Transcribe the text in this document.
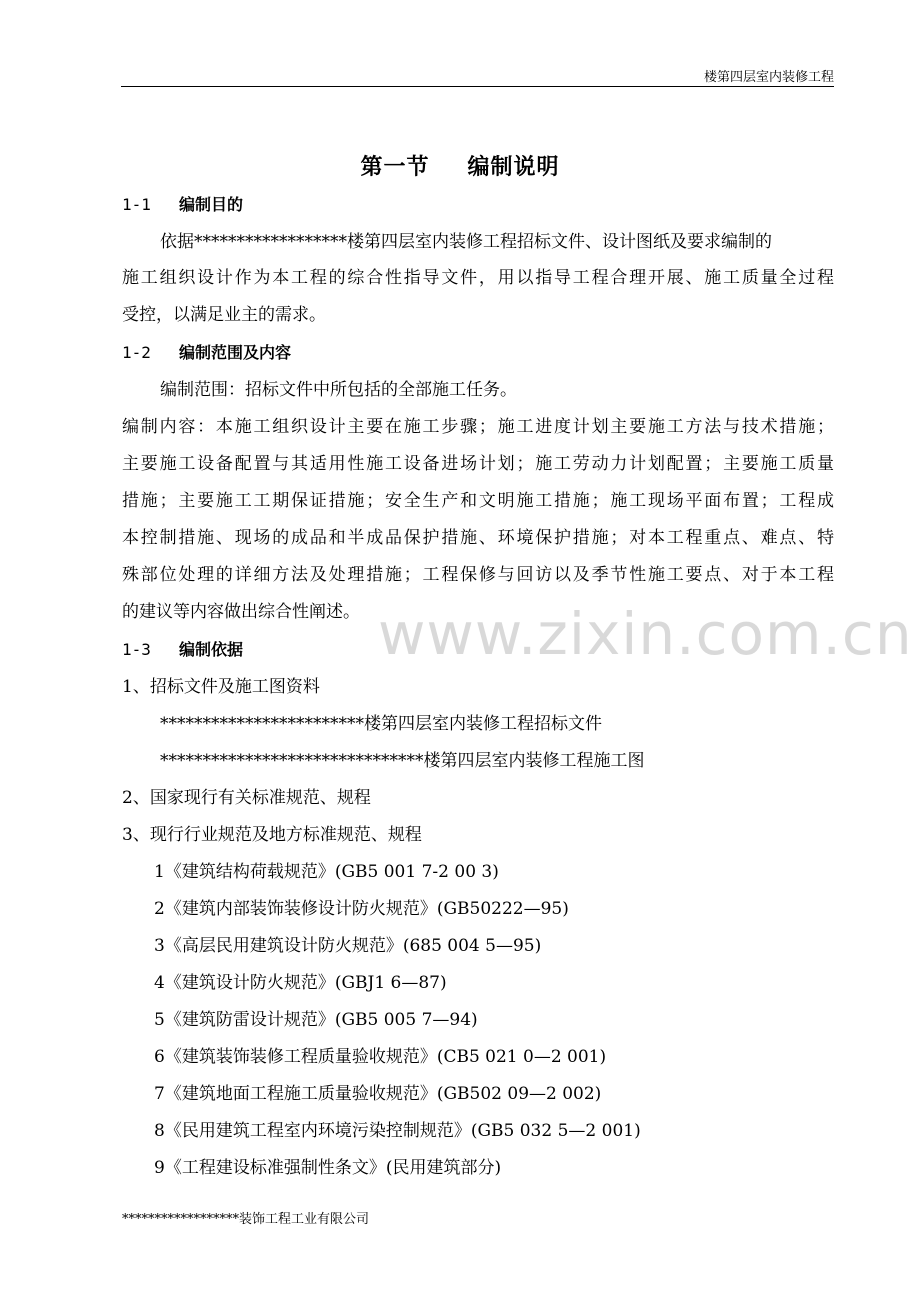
楼第四层室内装修工程
第一节 编制说明
www.zixin.com.cn
1-1 编制目的
依据******************楼第四层室内装修工程招标文件、设计图纸及要求编制的
施工组织设计作为本工程的综合性指导文件，用以指导工程合理开展、施工质量全过程
受控，以满足业主的需求。
1-2 编制范围及内容
编制范围：招标文件中所包括的全部施工任务。
编制内容：本施工组织设计主要在施工步骤；施工进度计划主要施工方法与技术措施；
主要施工设备配置与其适用性施工设备进场计划；施工劳动力计划配置；主要施工质量
措施；主要施工工期保证措施；安全生产和文明施工措施；施工现场平面布置；工程成
本控制措施、现场的成品和半成品保护措施、环境保护措施；对本工程重点、难点、特
殊部位处理的详细方法及处理措施；工程保修与回访以及季节性施工要点、对于本工程
的建议等内容做出综合性阐述。
1-3 编制依据
1、招标文件及施工图资料
************************楼第四层室内装修工程招标文件
*******************************楼第四层室内装修工程施工图
2、国家现行有关标准规范、规程
3、现行行业规范及地方标准规范、规程
1《建筑结构荷载规范》(GB5 001 7-2 00 3)
2《建筑内部装饰装修设计防火规范》(GB50222—95)
3《高层民用建筑设计防火规范》(685 004 5—95)
4《建筑设计防火规范》(GBJ1 6—87)
5《建筑防雷设计规范》(GB5 005 7—94)
6《建筑装饰装修工程质量验收规范》(CB5 021 0—2 001)
7《建筑地面工程施工质量验收规范》(GB502 09—2 002)
8《民用建筑工程室内环境污染控制规范》(GB5 032 5—2 001)
9《工程建设标准强制性条文》(民用建筑部分)
******************装饰工程工业有限公司
